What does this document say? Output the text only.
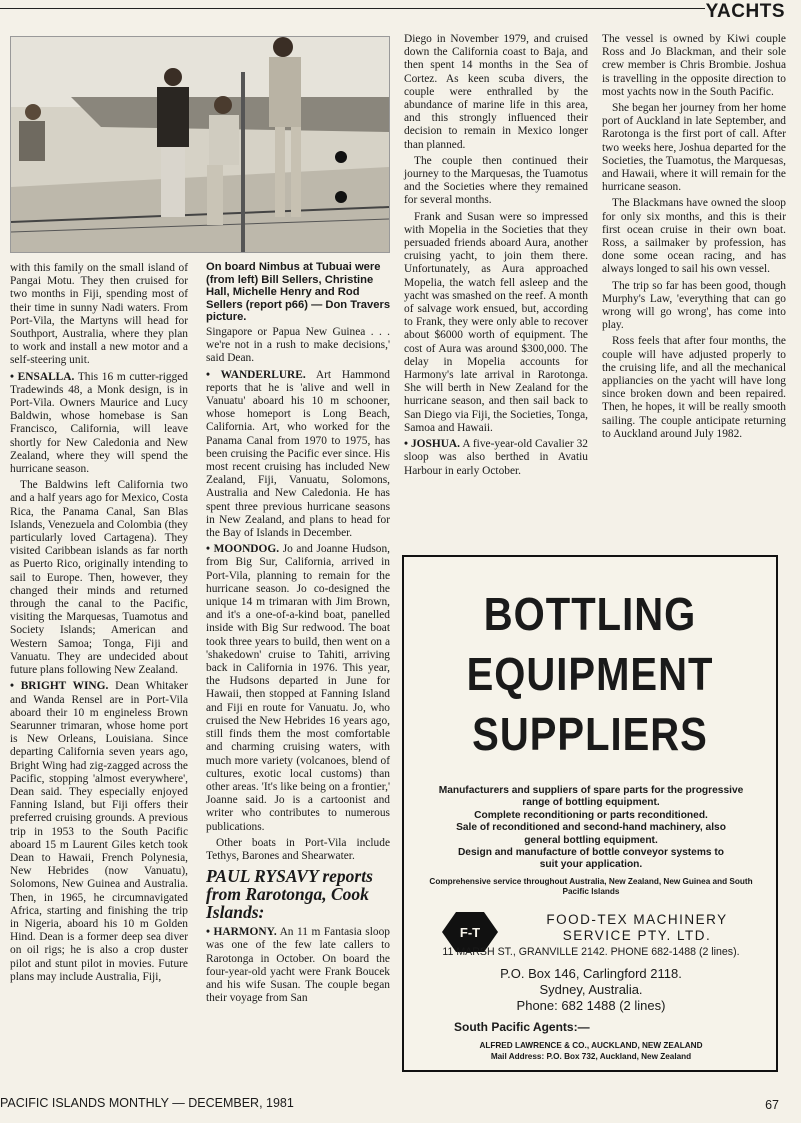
YACHTS

with this family on the small island of Pangai Motu. They then cruised for two months in Fiji, spending most of their time in sunny Nadi waters. From Port-Vila, the Martyns will head for Southport, Australia, where they plan to work and install a new motor and a self-steering unit.

• ENSALLA. This 16 m cutter-rigged Tradewinds 48, a Monk design, is in Port-Vila. Owners Maurice and Lucy Baldwin, whose homebase is San Francisco, California, will leave shortly for New Caledonia and New Zealand, where they will spend the hurricane season.

The Baldwins left California two and a half years ago for Mexico, Costa Rica, the Panama Canal, San Blas Islands, Venezuela and Colombia (they particularly loved Cartagena). They visited Caribbean islands as far north as Puerto Rico, originally intending to sail to Europe. Then, however, they changed their minds and returned through the canal to the Pacific, visiting the Marquesas, Tuamotus and Society Islands; American and Western Samoa; Tonga, Fiji and Vanuatu. They are undecided about future plans following New Zealand.

• BRIGHT WING. Dean Whitaker and Wanda Rensel are in Port-Vila aboard their 10 m engineless Brown Searunner trimaran, whose home port is New Orleans, Louisiana. Since departing California seven years ago, Bright Wing had zig-zagged across the Pacific, stopping 'almost everywhere', Dean said. They especially enjoyed Fanning Island, but Fiji offers their preferred cruising grounds. A previous trip in 1953 to the South Pacific aboard 15 m Laurent Giles ketch took Dean to Hawaii, French Polynesia, New Hebrides (now Vanuatu), Solomons, New Guinea and Australia. Then, in 1965, he circumnavigated Africa, starting and finishing the trip in Nigeria, aboard his 10 m Golden Hind. Dean is a former deep sea diver on oil rigs; he is also a crop duster pilot and stunt pilot in movies. Future plans may include Australia, Fiji,

On board Nimbus at Tubuai were (from left) Bill Sellers, Christine Hall, Michelle Henry and Rod Sellers (report p66) — Don Travers picture.

Singapore or Papua New Guinea . . . we're not in a rush to make decisions,' said Dean.

• WANDERLURE. Art Hammond reports that he is 'alive and well in Vanuatu' aboard his 10 m schooner, whose homeport is Long Beach, California. Art, who worked for the Panama Canal from 1970 to 1975, has been cruising the Pacific ever since. His most recent cruising has included New Zealand, Fiji, Vanuatu, Solomons, Australia and New Caledonia. He has spent three previous hurricane seasons in New Zealand, and plans to head for the Bay of Islands in December.

• MOONDOG. Jo and Joanne Hudson, from Big Sur, California, arrived in Port-Vila, planning to remain for the hurricane season. Jo co-designed the unique 14 m trimaran with Jim Brown, and it's a one-of-a-kind boat, panelled inside with Big Sur redwood. The boat took three years to build, then went on a 'shakedown' cruise to Tahiti, arriving back in California in 1976. This year, the Hudsons departed in June for Hawaii, then stopped at Fanning Island and Fiji en route for Vanuatu. Jo, who cruised the New Hebrides 16 years ago, still finds them the most comfortable and charming cruising waters, with much more variety (volcanoes, blend of cultures, exotic local customs) than other areas. 'It's like being on a frontier,' Joanne said. Jo is a cartoonist and writer who contributes to numerous publications.

Other boats in Port-Vila include Tethys, Barones and Shearwater.

PAUL RYSAVY reports from Rarotonga, Cook Islands:

• HARMONY. An 11 m Fantasia sloop was one of the few late callers to Rarotonga in October. On board the four-year-old yacht were Frank Boucek and his wife Susan. The couple began their voyage from San

Diego in November 1979, and cruised down the California coast to Baja, and then spent 14 months in the Sea of Cortez. As keen scuba divers, the couple were enthralled by the abundance of marine life in this area, and this strongly influenced their decision to remain in Mexico longer than planned.

The couple then continued their journey to the Marquesas, the Tuamotus and the Societies where they remained for several months.

Frank and Susan were so impressed with Mopelia in the Societies that they persuaded friends aboard Aura, another cruising yacht, to join them there. Unfortunately, as Aura approached Mopelia, the watch fell asleep and the yacht was smashed on the reef. A month of salvage work ensued, but, according to Frank, they were only able to recover about $6000 worth of equipment. The cost of Aura was around $300,000. The delay in Mopelia accounts for Harmony's late arrival in Rarotonga. She will berth in New Zealand for the hurricane season, and then sail back to San Diego via Fiji, the Societies, Tonga, Samoa and Hawaii.

• JOSHUA. A five-year-old Cavalier 32 sloop was also berthed in Avatiu Harbour in early October.

The vessel is owned by Kiwi couple Ross and Jo Blackman, and their sole crew member is Chris Brombie. Joshua is travelling in the opposite direction to most yachts now in the South Pacific.

She began her journey from her home port of Auckland in late September, and Rarotonga is the first port of call. After two weeks here, Joshua departed for the Societies, the Tuamotus, the Marquesas, and Hawaii, where it will remain for the hurricane season.

The Blackmans have owned the sloop for only six months, and this is their first ocean cruise in their own boat. Ross, a sailmaker by profession, has done some ocean racing, and has always longed to sail his own vessel.

The trip so far has been good, though Murphy's Law, 'everything that can go wrong will go wrong', has come into play.

Ross feels that after four months, the couple will have adjusted properly to the cruising life, and all the mechanical appliancies on the yacht will have long since broken down and been repaired. Then, he hopes, it will be really smooth sailing. The couple anticipate returning to Auckland around July 1982.

BOTTLING
EQUIPMENT
SUPPLIERS
Manufacturers and suppliers of spare parts for the progressive
range of bottling equipment.
Complete reconditioning or parts reconditioned.
Sale of reconditioned and second-hand machinery, also
general bottling equipment.
Design and manufacture of bottle conveyor systems to
suit your application.
Comprehensive service throughout Australia, New Zealand, New Guinea and South Pacific Islands
F-T
FOOD-TEX MACHINERY
SERVICE PTY. LTD.
11 MARSH ST., GRANVILLE 2142. PHONE 682-1488 (2 lines).
P.O. Box 146, Carlingford 2118.
Sydney, Australia.
Phone: 682 1488 (2 lines)
South Pacific Agents:—
ALFRED LAWRENCE & CO., AUCKLAND, NEW ZEALAND
Mail Address: P.O. Box 732, Auckland, New Zealand
PACIFIC ISLANDS MONTHLY — DECEMBER, 1981	67
